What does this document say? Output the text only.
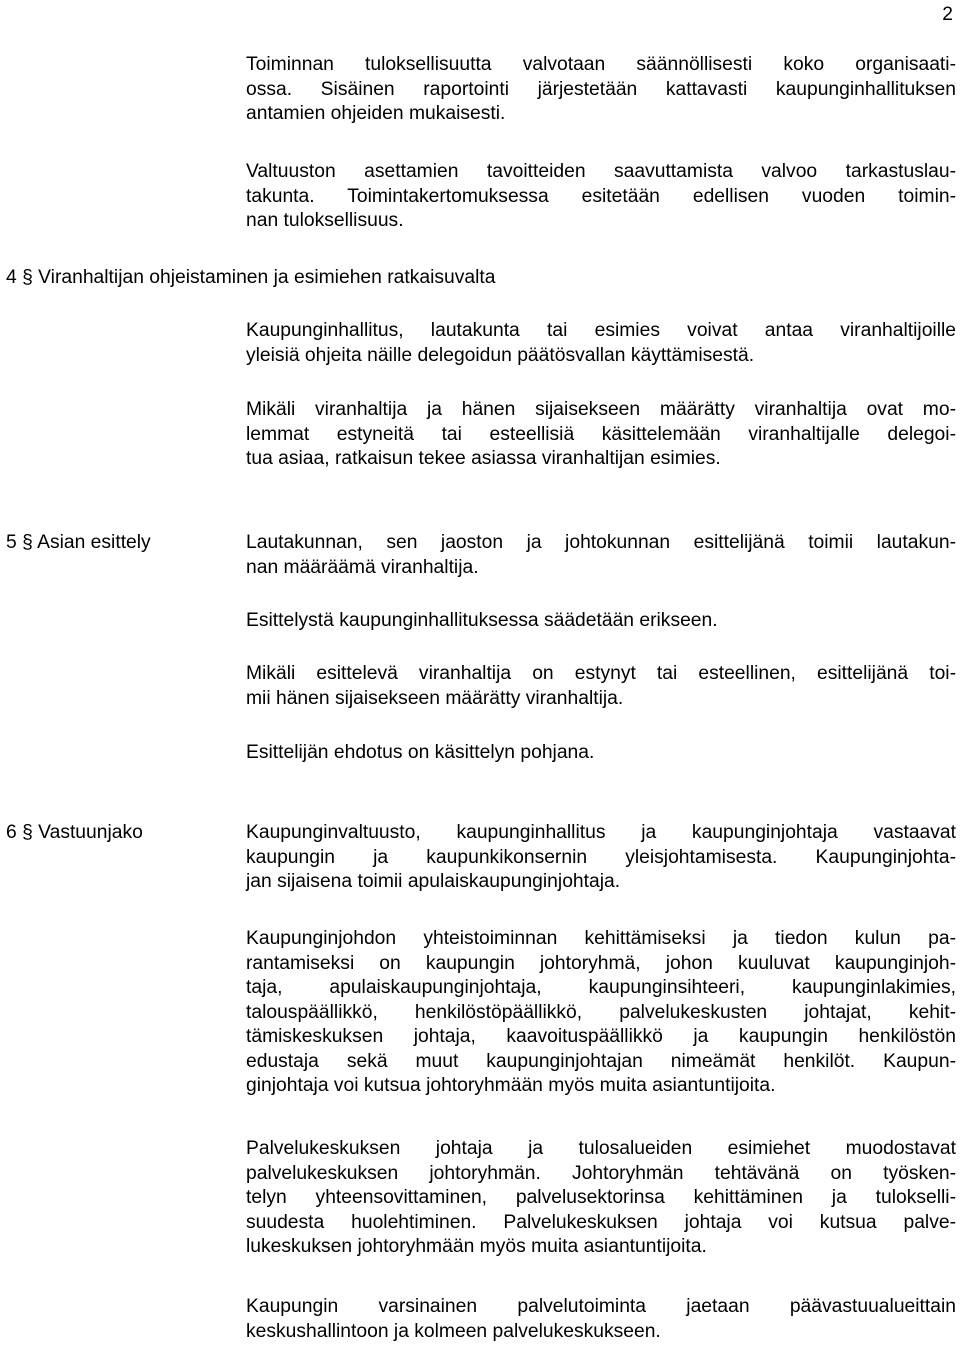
2
Toiminnan tuloksellisuutta valvotaan säännöllisesti koko organisaati-
ossa. Sisäinen raportointi järjestetään kattavasti kaupunginhallituksen
antamien ohjeiden mukaisesti.
Valtuuston asettamien tavoitteiden saavuttamista valvoo tarkastuslau-
takunta. Toimintakertomuksessa esitetään edellisen vuoden toimin-
nan tuloksellisuus.
4 § Viranhaltijan ohjeistaminen ja esimiehen ratkaisuvalta
Kaupunginhallitus, lautakunta tai esimies voivat antaa viranhaltijoille
yleisiä ohjeita näille delegoidun päätösvallan käyttämisestä.
Mikäli viranhaltija ja hänen sijaisekseen määrätty viranhaltija ovat mo-
lemmat estyneitä tai esteellisiä käsittelemään viranhaltijalle delegoi-
tua asiaa, ratkaisun tekee asiassa viranhaltijan esimies.
5 § Asian esittely	Lautakunnan, sen jaoston ja johtokunnan esittelijänä toimii lautakun-
nan määräämä viranhaltija.
Esittelystä kaupunginhallituksessa säädetään erikseen.
Mikäli esittelevä viranhaltija on estynyt tai esteellinen, esittelijänä toi-
mii hänen sijaisekseen määrätty viranhaltija.
Esittelijän ehdotus on käsittelyn pohjana.
6 § Vastuunjako	Kaupunginvaltuusto, kaupunginhallitus ja kaupunginjohtaja vastaavat
kaupungin ja kaupunkikonsernin yleisjohtamisesta. Kaupunginjohta-
jan sijaisena toimii apulaiskaupunginjohtaja.
Kaupunginjohdon yhteistoiminnan kehittämiseksi ja tiedon kulun pa-
rantamiseksi on kaupungin johtoryhmä, johon kuuluvat kaupunginjoh-
taja, apulaiskaupunginjohtaja, kaupunginsihteeri, kaupunginlakimies,
talouspäällikkö, henkilöstöpäällikkö, palvelukeskusten johtajat, kehit-
tämiskeskuksen johtaja, kaavoituspäällikkö ja kaupungin henkilöstön
edustaja sekä muut kaupunginjohtajan nimeämät henkilöt. Kaupun-
ginjohtaja voi kutsua johtoryhmään myös muita asiantuntijoita.
Palvelukeskuksen johtaja ja tulosalueiden esimiehet muodostavat
palvelukeskuksen johtoryhmän. Johtoryhmän tehtävänä on työsken-
telyn yhteensovittaminen, palvelusektorinsa kehittäminen ja tulokselli-
suudesta huolehtiminen. Palvelukeskuksen johtaja voi kutsua palve-
lukeskuksen johtoryhmään myös muita asiantuntijoita.
Kaupungin varsinainen palvelutoiminta jaetaan päävastuualueittain
keskushallintoon ja kolmeen palvelukeskukseen.
